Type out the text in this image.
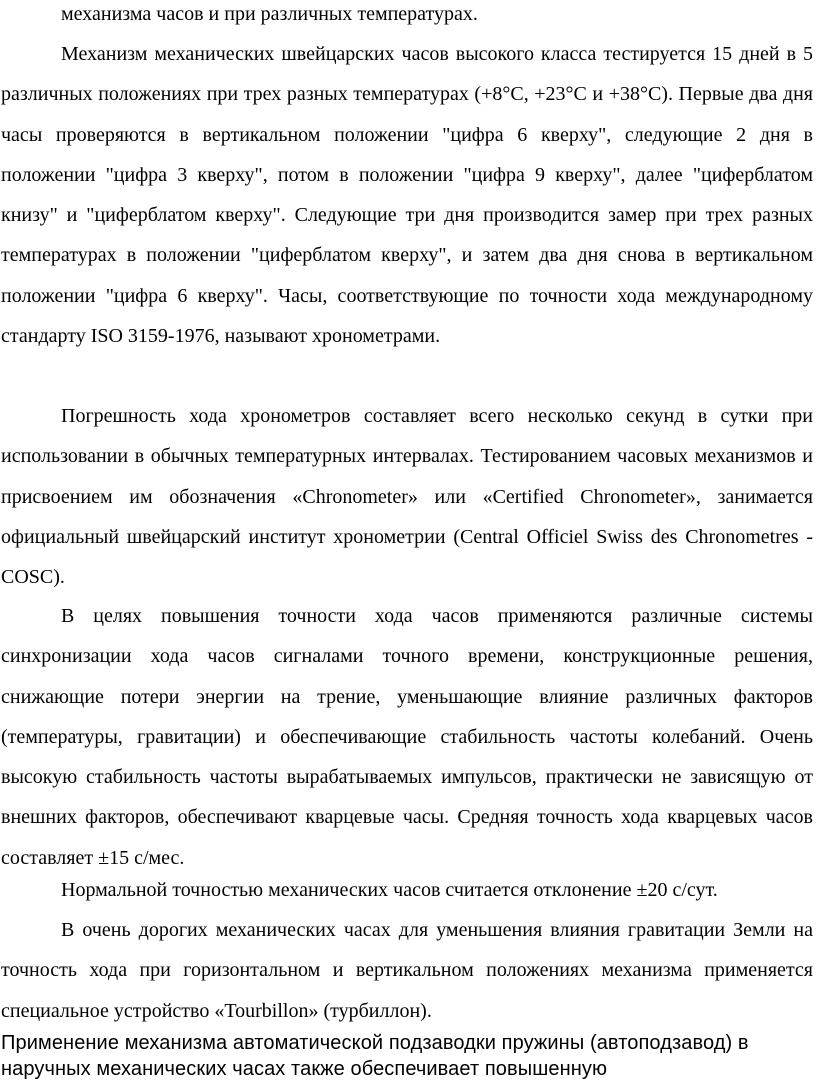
механизма часов и при различных температурах.

Механизм механических швейцарских часов высокого класса тестируется 15 дней в 5 различных положениях при трех разных температурах (+8°C, +23°C и +38°C). Первые два дня часы проверяются в вертикальном положении "цифра 6 кверху", следующие 2 дня в положении "цифра 3 кверху", потом в положении "цифра 9 кверху", далее "циферблатом книзу" и "циферблатом кверху". Следующие три дня производится замер при трех разных температурах в положении "циферблатом кверху", и затем два дня снова в вертикальном положении "цифра 6 кверху". Часы, соответствующие по точности хода международному стандарту ISO 3159-1976, называют хронометрами.

Погрешность хода хронометров составляет всего несколько секунд в сутки при использовании в обычных температурных интервалах. Тестированием часовых механизмов и присвоением им обозначения «Chronometer» или «Certified Chronometer», занимается официальный швейцарский институт хронометрии (Central Officiel Swiss des Chronometres - COSC).

В целях повышения точности хода часов применяются различные системы синхронизации хода часов сигналами точного времени, конструкционные решения, снижающие потери энергии на трение, уменьшающие влияние различных факторов (температуры, гравитации) и обеспечивающие стабильность частоты колебаний. Очень высокую стабильность частоты вырабатываемых импульсов, практически не зависящую от внешних факторов, обеспечивают кварцевые часы. Средняя точность хода кварцевых часов составляет ±15 с/мес.

Нормальной точностью механических часов считается отклонение ±20 с/сут.

В очень дорогих механических часах для уменьшения влияния гравитации Земли на точность хода при горизонтальном и вертикальном положениях механизма применяется специальное устройство «Tourbillon» (турбиллон).

Применение механизма автоматической подзаводки пружины (автоподзавод) в наручных механических часах также обеспечивает повышенную
